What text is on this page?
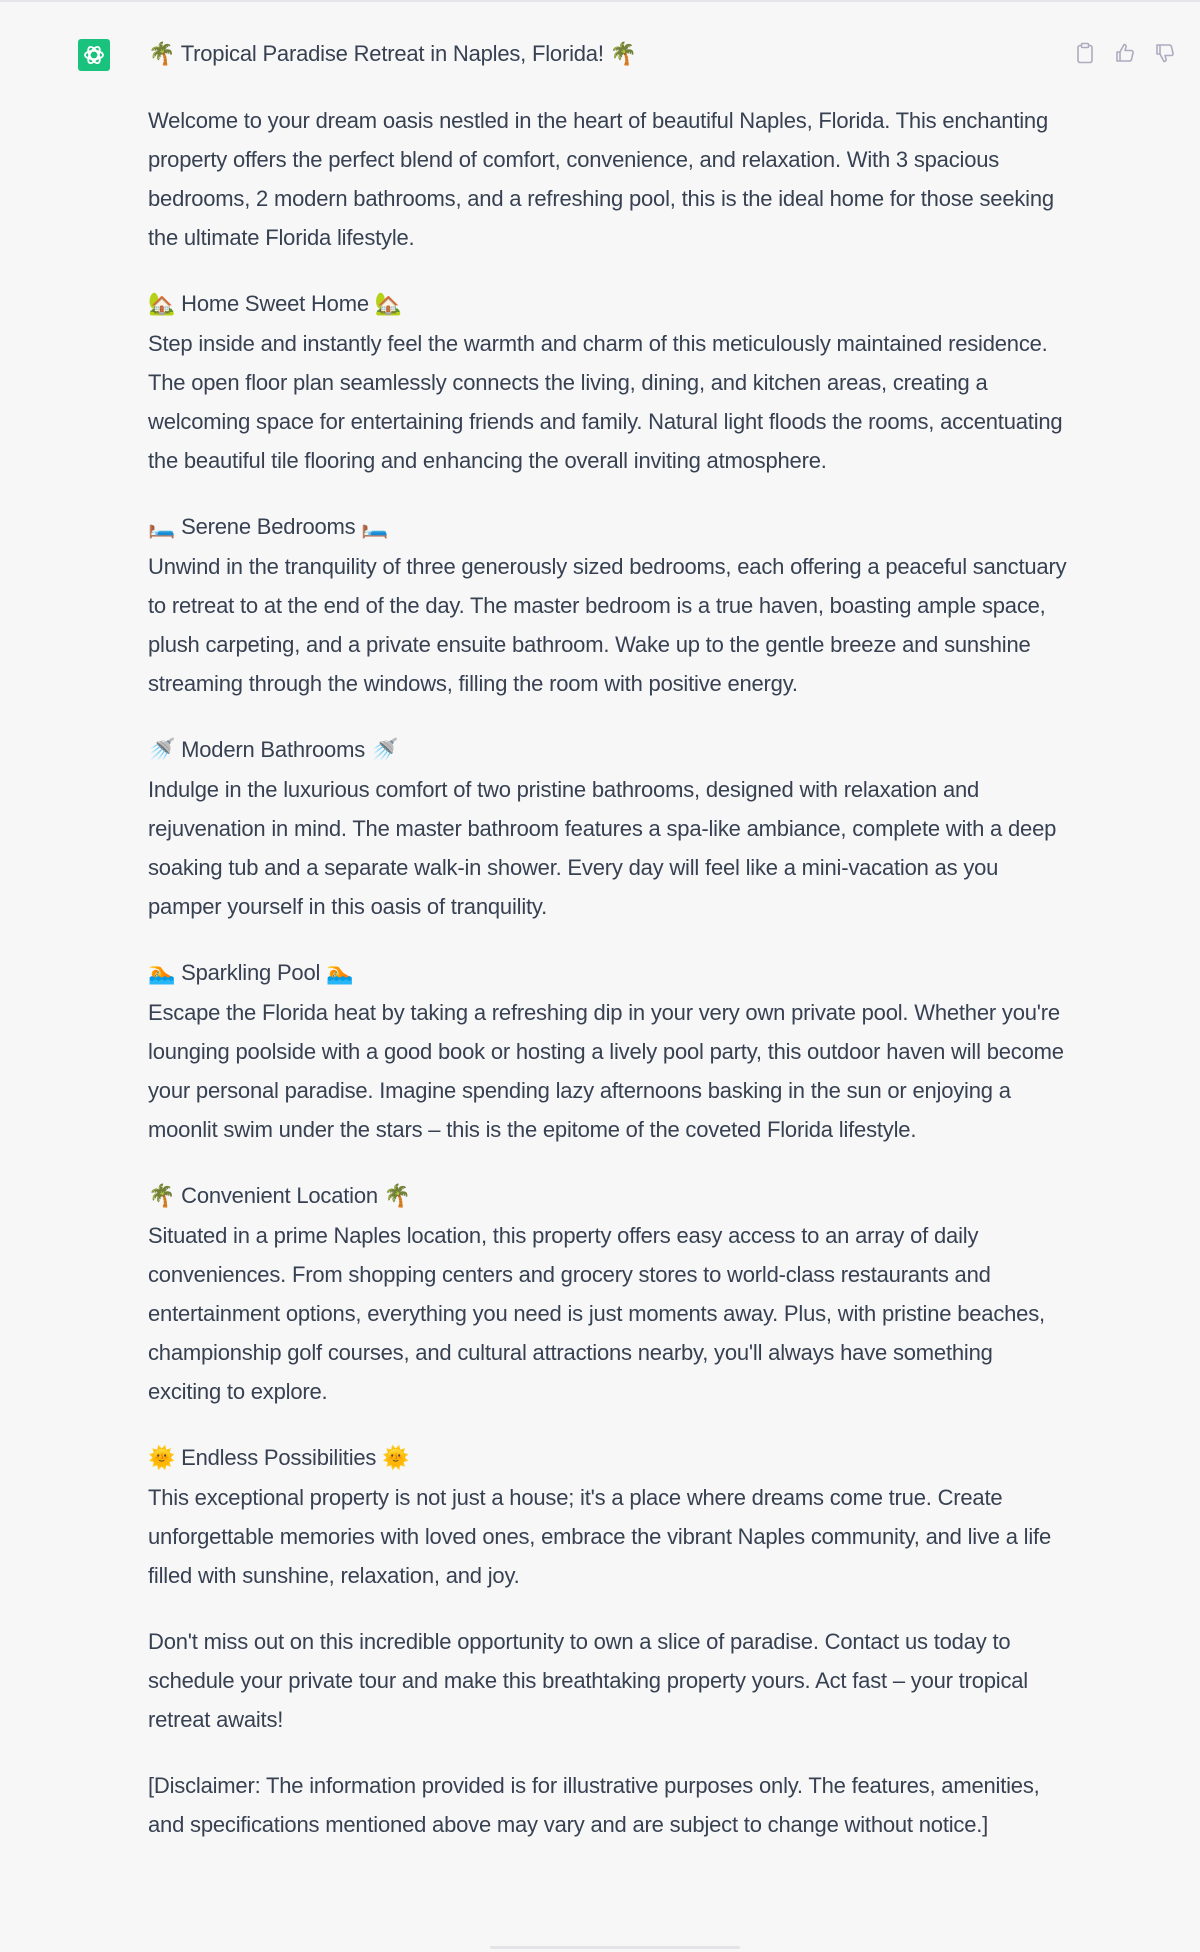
🌴 Tropical Paradise Retreat in Naples, Florida! 🌴

Welcome to your dream oasis nestled in the heart of beautiful Naples, Florida. This enchanting property offers the perfect blend of comfort, convenience, and relaxation. With 3 spacious bedrooms, 2 modern bathrooms, and a refreshing pool, this is the ideal home for those seeking the ultimate Florida lifestyle.

🏡 Home Sweet Home 🏡
Step inside and instantly feel the warmth and charm of this meticulously maintained residence. The open floor plan seamlessly connects the living, dining, and kitchen areas, creating a welcoming space for entertaining friends and family. Natural light floods the rooms, accentuating the beautiful tile flooring and enhancing the overall inviting atmosphere.
🛏️ Serene Bedrooms 🛏️
Unwind in the tranquility of three generously sized bedrooms, each offering a peaceful sanctuary to retreat to at the end of the day. The master bedroom is a true haven, boasting ample space, plush carpeting, and a private ensuite bathroom. Wake up to the gentle breeze and sunshine streaming through the windows, filling the room with positive energy.
🚿 Modern Bathrooms 🚿
Indulge in the luxurious comfort of two pristine bathrooms, designed with relaxation and rejuvenation in mind. The master bathroom features a spa-like ambiance, complete with a deep soaking tub and a separate walk-in shower. Every day will feel like a mini-vacation as you pamper yourself in this oasis of tranquility.
🏊 Sparkling Pool 🏊
Escape the Florida heat by taking a refreshing dip in your very own private pool. Whether you're lounging poolside with a good book or hosting a lively pool party, this outdoor haven will become your personal paradise. Imagine spending lazy afternoons basking in the sun or enjoying a moonlit swim under the stars – this is the epitome of the coveted Florida lifestyle.
🌴 Convenient Location 🌴
Situated in a prime Naples location, this property offers easy access to an array of daily conveniences. From shopping centers and grocery stores to world-class restaurants and entertainment options, everything you need is just moments away. Plus, with pristine beaches, championship golf courses, and cultural attractions nearby, you'll always have something exciting to explore.
🌞 Endless Possibilities 🌞
This exceptional property is not just a house; it's a place where dreams come true. Create unforgettable memories with loved ones, embrace the vibrant Naples community, and live a life filled with sunshine, relaxation, and joy.

Don't miss out on this incredible opportunity to own a slice of paradise. Contact us today to schedule your private tour and make this breathtaking property yours. Act fast – your tropical retreat awaits!

[Disclaimer: The information provided is for illustrative purposes only. The features, amenities, and specifications mentioned above may vary and are subject to change without notice.]
